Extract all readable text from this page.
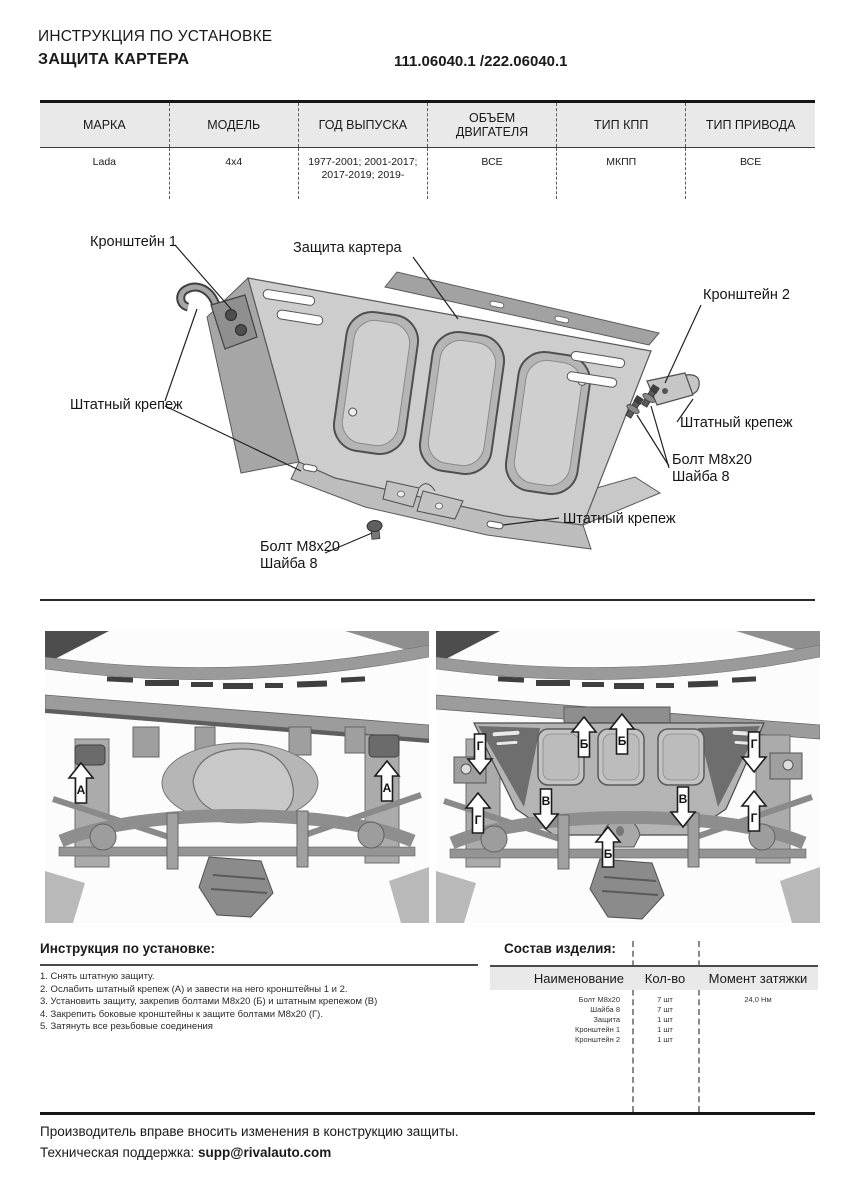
ИНСТРУКЦИЯ ПО УСТАНОВКЕ
ЗАЩИТА КАРТЕРА	111.06040.1 /222.06040.1
МАРКА	МОДЕЛЬ	ГОД ВЫПУСКА	ОБЪЕМ ДВИГАТЕЛЯ	ТИП КПП	ТИП ПРИВОДА
Lada	4x4	1977-2001; 2001-2017; 2017-2019; 2019-	ВСЕ	МКПП	ВСЕ
Кронштейн 1	Защита картера
Кронштейн 2
Штатный крепеж
Штатный крепеж
Болт М8х20
Шайба 8
Штатный крепеж
Болт М8х20
Шайба 8
А	А
Б Б
Б
В	В
Г
Г
Г
Г
Инструкция по установке:
1. Снять штатную защиту.
2. Ослабить штатный крепеж (А) и завести на него кронштейны 1 и 2.
3. Установить защиту, закрепив болтами М8х20 (Б) и штатным крепежом (В)
4. Закрепить боковые кронштейны к защите болтами М8х20 (Г).
5. Затянуть все резьбовые соединения
Состав изделия:
Наименование	Кол-во	Момент затяжки
Болт М8х20	7 шт	24,0 Нм
Шайба 8	7 шт
Защита	1 шт
Кронштейн 1	1 шт
Кронштейн 2	1 шт
Производитель вправе вносить изменения в конструкцию защиты.
Техническая поддержка: supp@rivalauto.com
